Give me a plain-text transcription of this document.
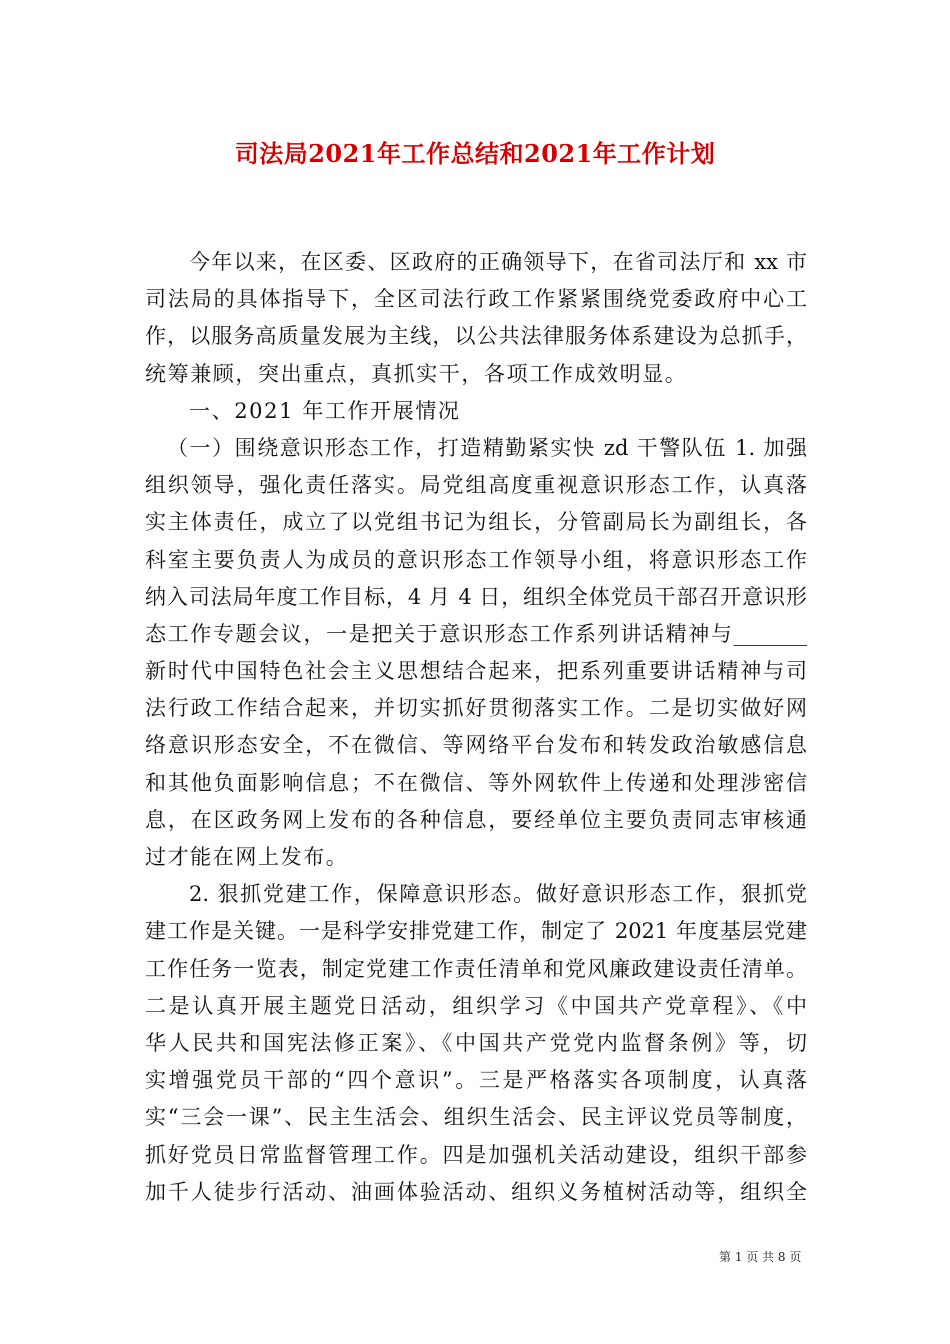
司法局2021年工作总结和2021年工作计划
今年以来，在区委、区政府的正确领导下，在省司法厅和 xx 市
司法局的具体指导下，全区司法行政工作紧紧围绕党委政府中心工
作，以服务高质量发展为主线，以公共法律服务体系建设为总抓手，
统筹兼顾，突出重点，真抓实干，各项工作成效明显。
一、2021 年工作开展情况
（一）围绕意识形态工作，打造精勤紧实快 zd 干警队伍 1. 加强
组织领导，强化责任落实。局党组高度重视意识形态工作，认真落
实主体责任，成立了以党组书记为组长，分管副局长为副组长，各
科室主要负责人为成员的意识形态工作领导小组，将意识形态工作
纳入司法局年度工作目标，4 月 4 日，组织全体党员干部召开意识形
态工作专题会议，一是把关于意识形态工作系列讲话精神与_______
新时代中国特色社会主义思想结合起来，把系列重要讲话精神与司
法行政工作结合起来，并切实抓好贯彻落实工作。二是切实做好网
络意识形态安全，不在微信、等网络平台发布和转发政治敏感信息
和其他负面影响信息；不在微信、等外网软件上传递和处理涉密信
息，在区政务网上发布的各种信息，要经单位主要负责同志审核通
过才能在网上发布。
2. 狠抓党建工作，保障意识形态。做好意识形态工作，狠抓党
建工作是关键。一是科学安排党建工作，制定了 2021 年度基层党建
工作任务一览表，制定党建工作责任清单和党风廉政建设责任清单。
二是认真开展主题党日活动，组织学习《中国共产党章程》、《中
华人民共和国宪法修正案》、《中国共产党党内监督条例》等，切
实增强党员干部的“四个意识”。三是严格落实各项制度，认真落
实“三会一课”、民主生活会、组织生活会、民主评议党员等制度，
抓好党员日常监督管理工作。四是加强机关活动建设，组织干部参
加千人徒步行活动、油画体验活动、组织义务植树活动等，组织全
第 1 页 共 8 页
